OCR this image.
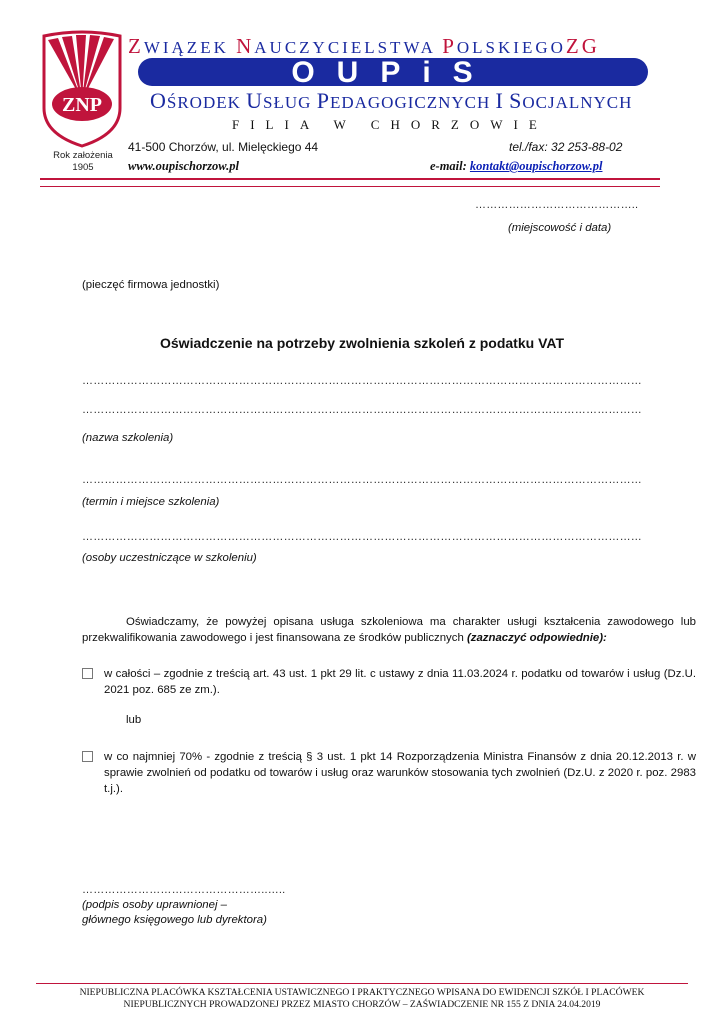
ZNP
Rok założenia
1905
ZWIĄZEK NAUCZYCIELSTWA POLSKIEGOZG
OUPiS
OŚRODEK USŁUG PEDAGOGICZNYCH I SOCJALNYCH
FILIA W CHORZOWIE
41-500 Chorzów, ul. Mielęckiego 44	tel./fax: 32 253-88-02
www.oupischorzow.pl	e-mail: kontakt@oupischorzow.pl
……………………………………..
(miejscowość i data)
(pieczęć firmowa jednostki)
Oświadczenie na potrzeby zwolnienia szkoleń z podatku VAT
……………………………………………………………………………………………………………………………………
……………………………………………………………………………………………………………………………………
(nazwa szkolenia)
……………………………………………………………………………………………………………………………………
(termin i miejsce szkolenia)
……………………………………………………………………………………………………………………………………
(osoby uczestniczące w szkoleniu)
Oświadczamy, że powyżej opisana usługa szkoleniowa ma charakter usługi kształcenia zawodowego lub przekwalifikowania zawodowego i jest finansowana ze środków publicznych (zaznaczyć odpowiednie):
w całości – zgodnie z treścią art. 43 ust. 1 pkt 29 lit. c ustawy z dnia 11.03.2024 r. podatku od towarów i usług (Dz.U. 2021 poz. 685 ze zm.).
lub
w co najmniej 70% - zgodnie z treścią § 3 ust. 1 pkt 14 Rozporządzenia Ministra Finansów z dnia 20.12.2013 r. w sprawie zwolnień od podatku od towarów i usług oraz warunków stosowania tych zwolnień (Dz.U. z 2020 r. poz. 2983 t.j.).
…………………………………………..…..
(podpis osoby uprawnionej –
głównego księgowego lub dyrektora)
NIEPUBLICZNA PLACÓWKA KSZTAŁCENIA USTAWICZNEGO I PRAKTYCZNEGO WPISANA DO EWIDENCJI SZKÓŁ I PLACÓWEK
NIEPUBLICZNYCH PROWADZONEJ PRZEZ MIASTO CHORZÓW – ZAŚWIADCZENIE NR 155 Z DNIA 24.04.2019
